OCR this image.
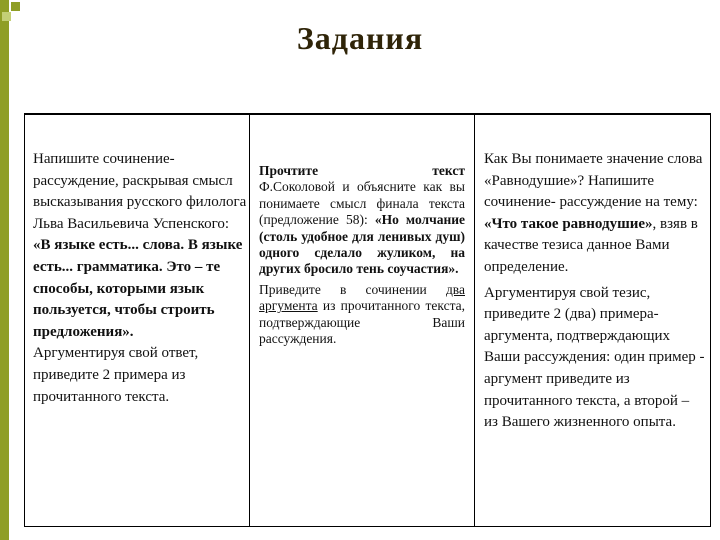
Задания

Напишите сочинение-рассуждение, раскрывая смысл высказывания русского филолога Льва Васильевича Успенского:

«В языке есть... слова. В языке есть... грамматика. Это – те способы, которыми язык пользуется, чтобы строить предложения».

Аргументируя свой ответ, приведите 2 примера из прочитанного текста.

Прочтите текст

Ф.Соколовой и объясните как вы понимаете смысл финала текста (предложение 58):

«Но молчание (столь удобное для ленивых душ) одного сделало жуликом, на других бросило тень соучастия».

Приведите в сочинении два аргумента из прочитанного текста, подтверждающие Ваши рассуждения.

Как Вы понимаете значение слова «Равнодушие»? Напишите сочинение- рассуждение на тему: «Что такое равнодушие», взяв в качестве тезиса данное Вами определение.

Аргументируя свой тезис, приведите 2 (два) примера-аргумента, подтверждающих Ваши рассуждения: один пример - аргумент приведите из прочитанного текста, а второй – из Вашего жизненного опыта.
